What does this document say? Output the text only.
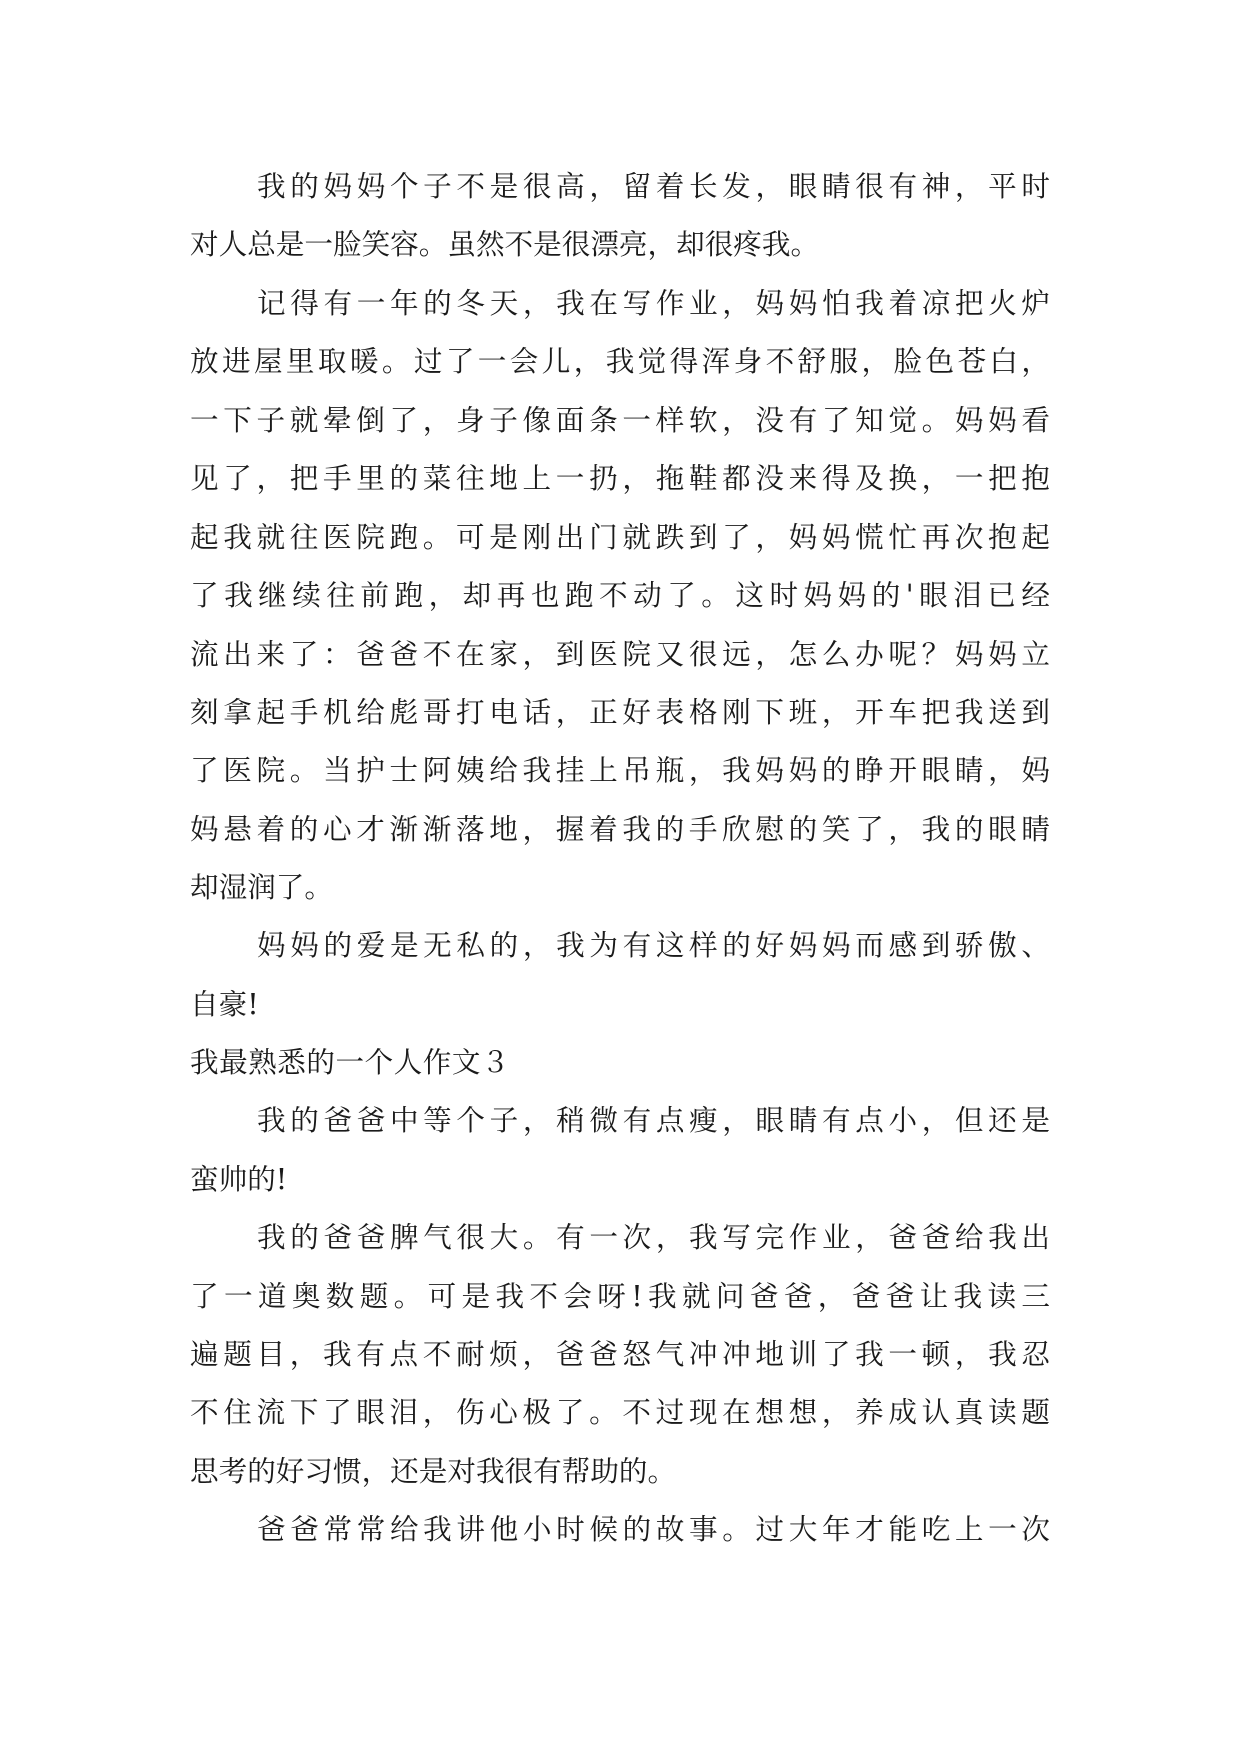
我的妈妈个子不是很高，留着长发，眼睛很有神，平时
对人总是一脸笑容。虽然不是很漂亮，却很疼我。
记得有一年的冬天，我在写作业，妈妈怕我着凉把火炉
放进屋里取暖。过了一会儿，我觉得浑身不舒服，脸色苍白，
一下子就晕倒了，身子像面条一样软，没有了知觉。妈妈看
见了，把手里的菜往地上一扔，拖鞋都没来得及换，一把抱
起我就往医院跑。可是刚出门就跌到了，妈妈慌忙再次抱起
了我继续往前跑，却再也跑不动了。这时妈妈的'眼泪已经
流出来了：爸爸不在家，到医院又很远，怎么办呢？妈妈立
刻拿起手机给彪哥打电话，正好表格刚下班，开车把我送到
了医院。当护士阿姨给我挂上吊瓶，我妈妈的睁开眼睛，妈
妈悬着的心才渐渐落地，握着我的手欣慰的笑了，我的眼睛
却湿润了。
妈妈的爱是无私的，我为有这样的好妈妈而感到骄傲、
自豪!
我最熟悉的一个人作文３
我的爸爸中等个子，稍微有点瘦，眼睛有点小，但还是
蛮帅的!
我的爸爸脾气很大。有一次，我写完作业，爸爸给我出
了一道奥数题。可是我不会呀!我就问爸爸，爸爸让我读三
遍题目，我有点不耐烦，爸爸怒气冲冲地训了我一顿，我忍
不住流下了眼泪，伤心极了。不过现在想想，养成认真读题
思考的好习惯，还是对我很有帮助的。
爸爸常常给我讲他小时候的故事。过大年才能吃上一次
